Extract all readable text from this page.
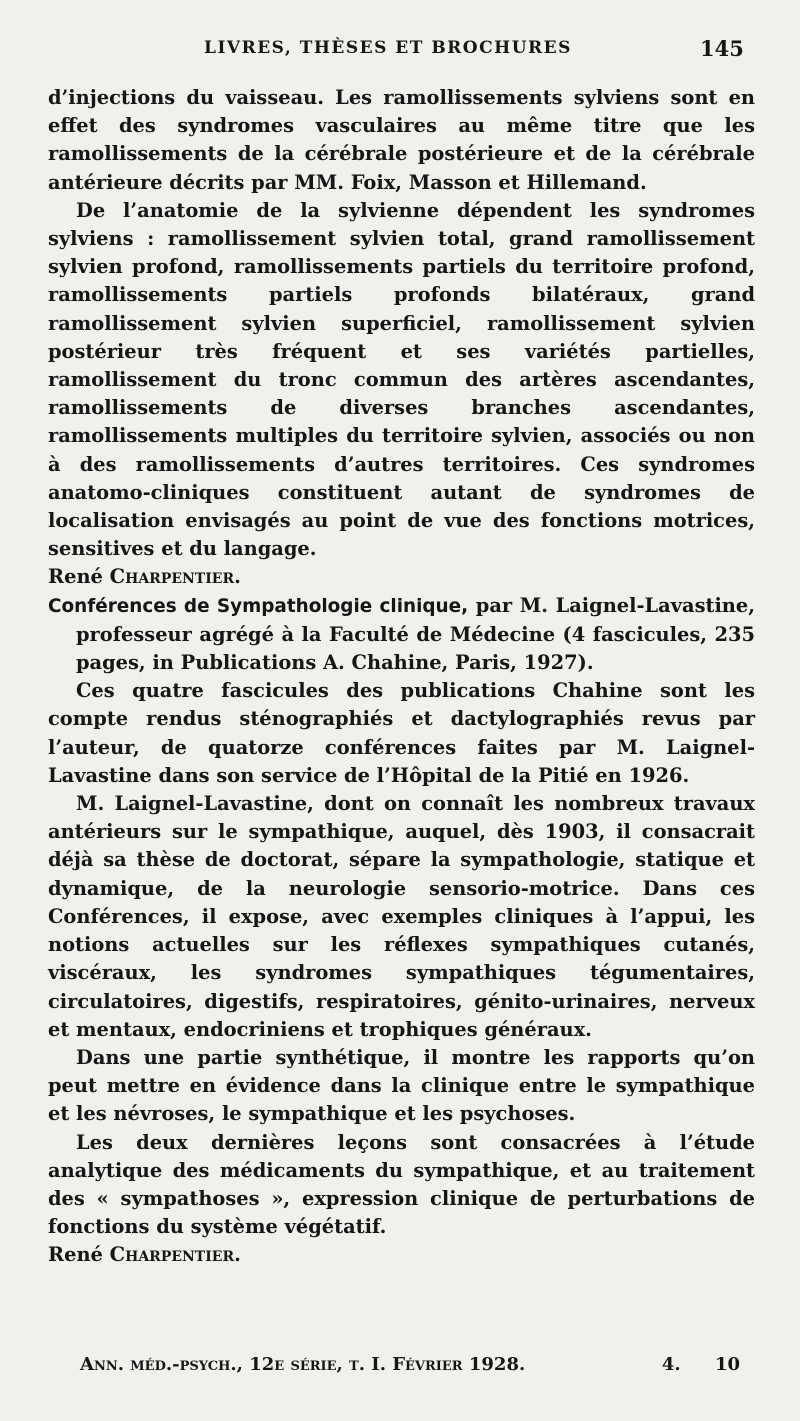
LIVRES, THÈSES ET BROCHURES	145

d’injections du vaisseau. Les ramollissements sylviens sont en effet des syndromes vasculaires au même titre que les ramollissements de la cérébrale postérieure et de la cérébrale antérieure décrits par MM. Foix, Masson et Hillemand.

De l’anatomie de la sylvienne dépendent les syndromes sylviens : ramollissement sylvien total, grand ramollissement sylvien profond, ramollissements partiels du territoire profond, ramollissements partiels profonds bilatéraux, grand ramollissement sylvien superficiel, ramollissement sylvien postérieur très fréquent et ses variétés partielles, ramollissement du tronc commun des artères ascendantes, ramollissements de diverses branches ascendantes, ramollissements multiples du territoire sylvien, associés ou non à des ramollissements d’autres territoires. Ces syndromes anatomo-cliniques constituent autant de syndromes de localisation envisagés au point de vue des fonctions motrices, sensitives et du langage.

René Charpentier.

Conférences de Sympathologie clinique, par M. Laignel-Lavastine, professeur agrégé à la Faculté de Médecine (4 fascicules, 235 pages, in Publications A. Chahine, Paris, 1927).

Ces quatre fascicules des publications Chahine sont les compte rendus sténographiés et dactylographiés revus par l’auteur, de quatorze conférences faites par M. Laignel-Lavastine dans son service de l’Hôpital de la Pitié en 1926.

M. Laignel-Lavastine, dont on connaît les nombreux travaux antérieurs sur le sympathique, auquel, dès 1903, il consacrait déjà sa thèse de doctorat, sépare la sympathologie, statique et dynamique, de la neurologie sensorio-motrice. Dans ces Conférences, il expose, avec exemples cliniques à l’appui, les notions actuelles sur les réflexes sympathiques cutanés, viscéraux, les syndromes sympathiques tégumentaires, circulatoires, digestifs, respiratoires, génito-urinaires, nerveux et mentaux, endocriniens et trophiques généraux.

Dans une partie synthétique, il montre les rapports qu’on peut mettre en évidence dans la clinique entre le sympathique et les névroses, le sympathique et les psychoses.

Les deux dernières leçons sont consacrées à l’étude analytique des médicaments du sympathique, et au traitement des « sympathoses », expression clinique de perturbations de fonctions du système végétatif.

René Charpentier.

Ann. méd.-psych., 12e série, t. I. Février 1928.	4. 10
